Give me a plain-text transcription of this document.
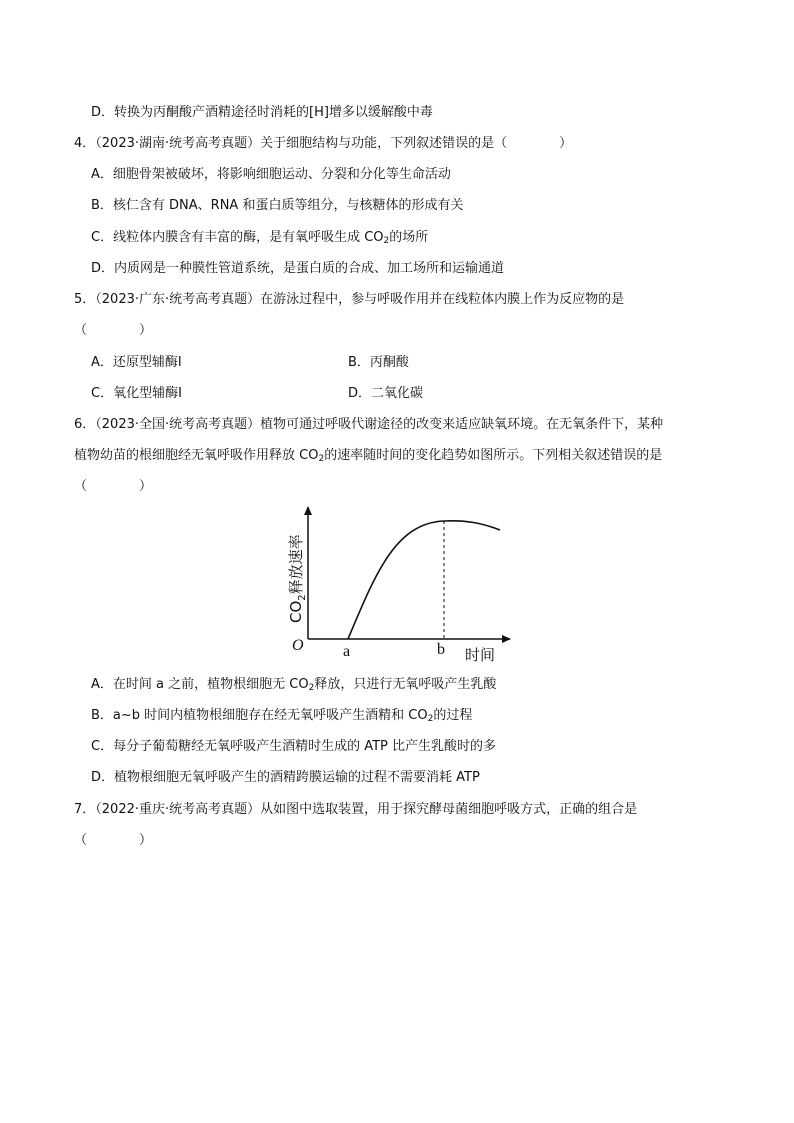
D．转换为丙酮酸产酒精途径时消耗的[H]增多以缓解酸中毒
4．（2023·湖南·统考高考真题）关于细胞结构与功能，下列叙述错误的是（　　　　）
A．细胞骨架被破坏，将影响细胞运动、分裂和分化等生命活动
B．核仁含有 DNA、RNA 和蛋白质等组分，与核糖体的形成有关
C．线粒体内膜含有丰富的酶，是有氧呼吸生成 $CO_2$的场所
D．内质网是一种膜性管道系统，是蛋白质的合成、加工场所和运输通道
5．（2023·广东·统考高考真题）在游泳过程中，参与呼吸作用并在线粒体内膜上作为反应物的是
（　　　　）
A．还原型辅酶Ⅰ	B．丙酮酸
C．氧化型辅酶Ⅰ	D．二氧化碳
6．（2023·全国·统考高考真题）植物可通过呼吸代谢途径的改变来适应缺氧环境。在无氧条件下，某种
植物幼苗的根细胞经无氧呼吸作用释放 $CO_2$的速率随时间的变化趋势如图所示。下列相关叙述错误的是
（　　　　）
O a	b 时间
$CO_2$释放速率
A．在时间 a 之前，植物根细胞无 $CO_2$释放，只进行无氧呼吸产生乳酸
B．a~b 时间内植物根细胞存在经无氧呼吸产生酒精和 $CO_2$的过程
C．每分子葡萄糖经无氧呼吸产生酒精时生成的 ATP 比产生乳酸时的多
D．植物根细胞无氧呼吸产生的酒精跨膜运输的过程不需要消耗 ATP
7．（2022·重庆·统考高考真题）从如图中选取装置，用于探究酵母菌细胞呼吸方式，正确的组合是
（　　　　）
